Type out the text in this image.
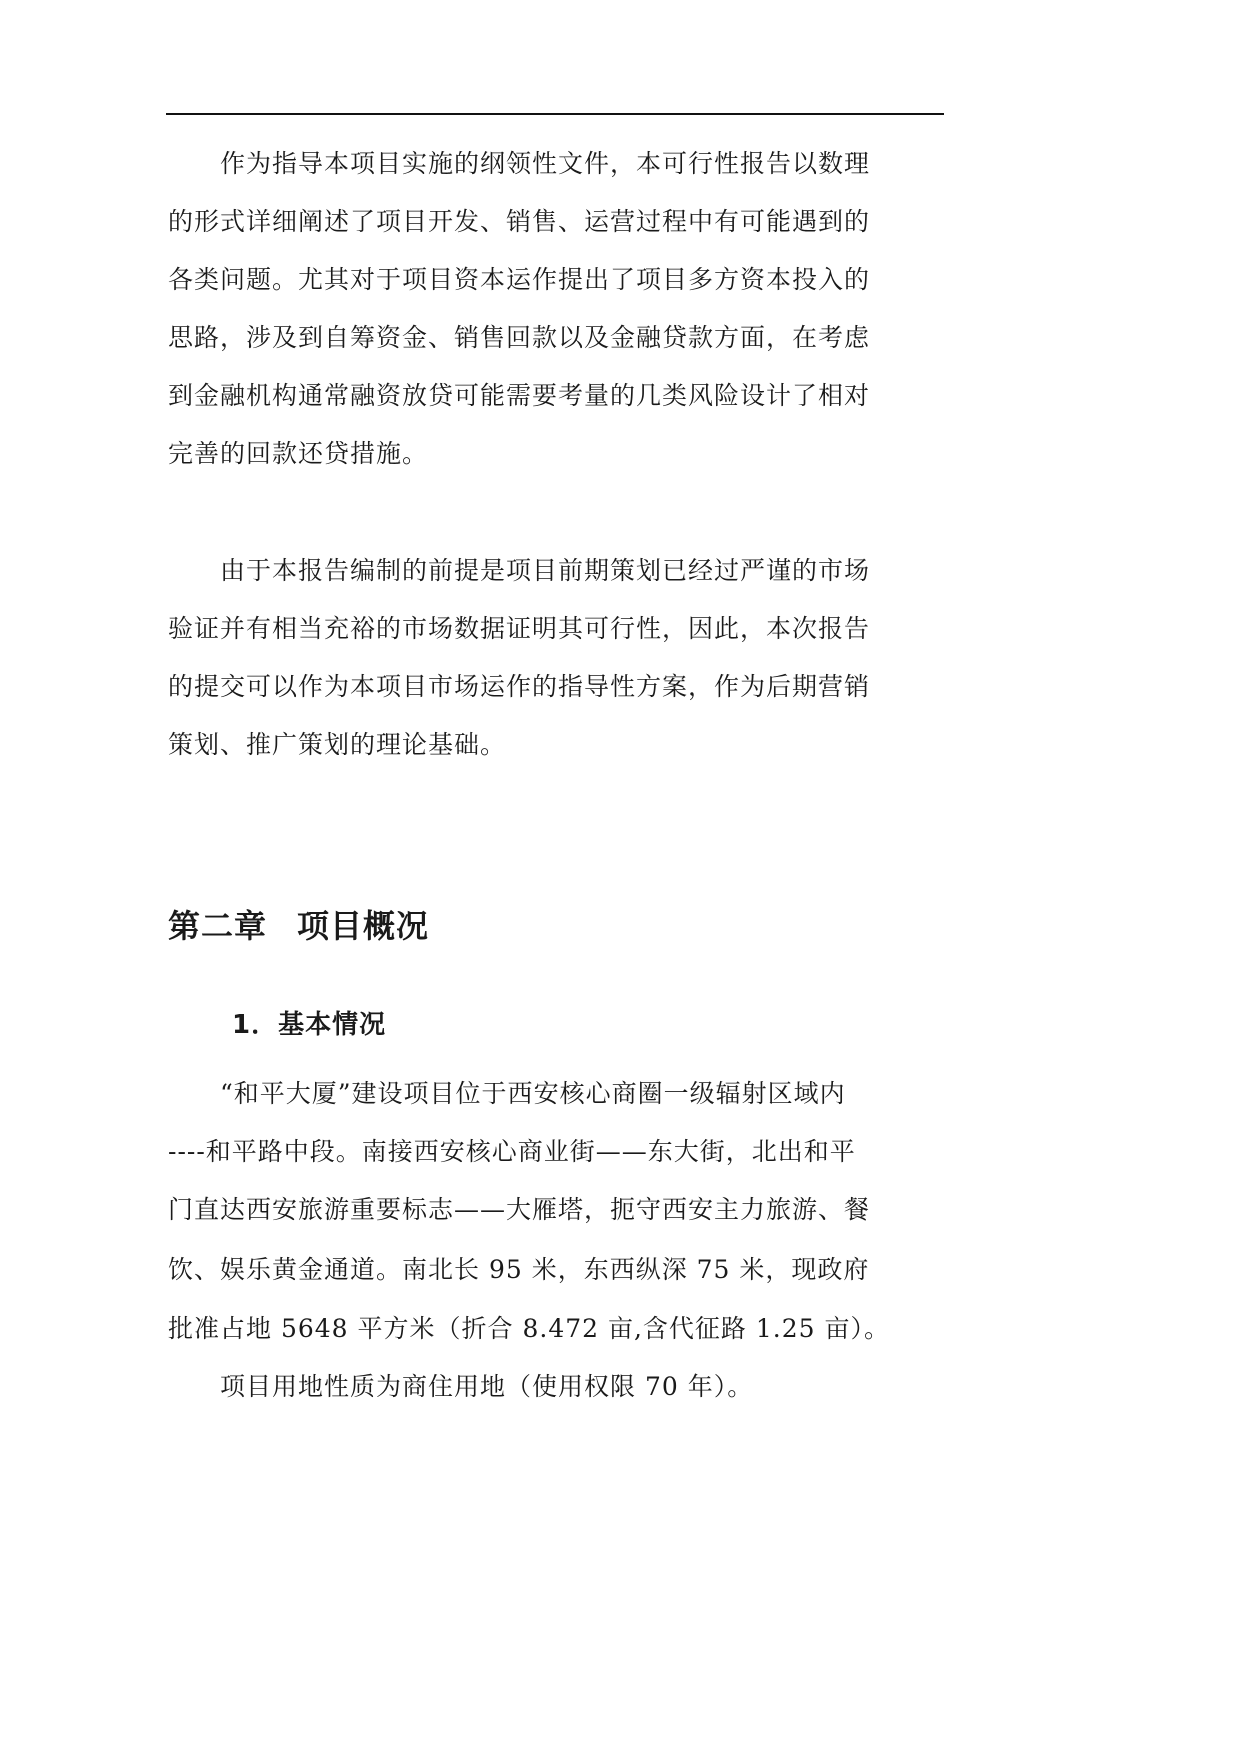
作为指导本项目实施的纲领性文件，本可行性报告以数理
的形式详细阐述了项目开发、销售、运营过程中有可能遇到的
各类问题。尤其对于项目资本运作提出了项目多方资本投入的
思路，涉及到自筹资金、销售回款以及金融贷款方面，在考虑
到金融机构通常融资放贷可能需要考量的几类风险设计了相对
完善的回款还贷措施。
由于本报告编制的前提是项目前期策划已经过严谨的市场
验证并有相当充裕的市场数据证明其可行性，因此，本次报告
的提交可以作为本项目市场运作的指导性方案，作为后期营销
策划、推广策划的理论基础。
第二章 项目概况
1．基本情况
“和平大厦”建设项目位于西安核心商圈一级辐射区域内
----和平路中段。南接西安核心商业街——东大街，北出和平
门直达西安旅游重要标志——大雁塔，扼守西安主力旅游、餐
饮、娱乐黄金通道。南北长 95 米，东西纵深 75 米，现政府
批准占地 5648 平方米（折合 8.472 亩,含代征路 1.25 亩）。
项目用地性质为商住用地（使用权限 70 年）。
